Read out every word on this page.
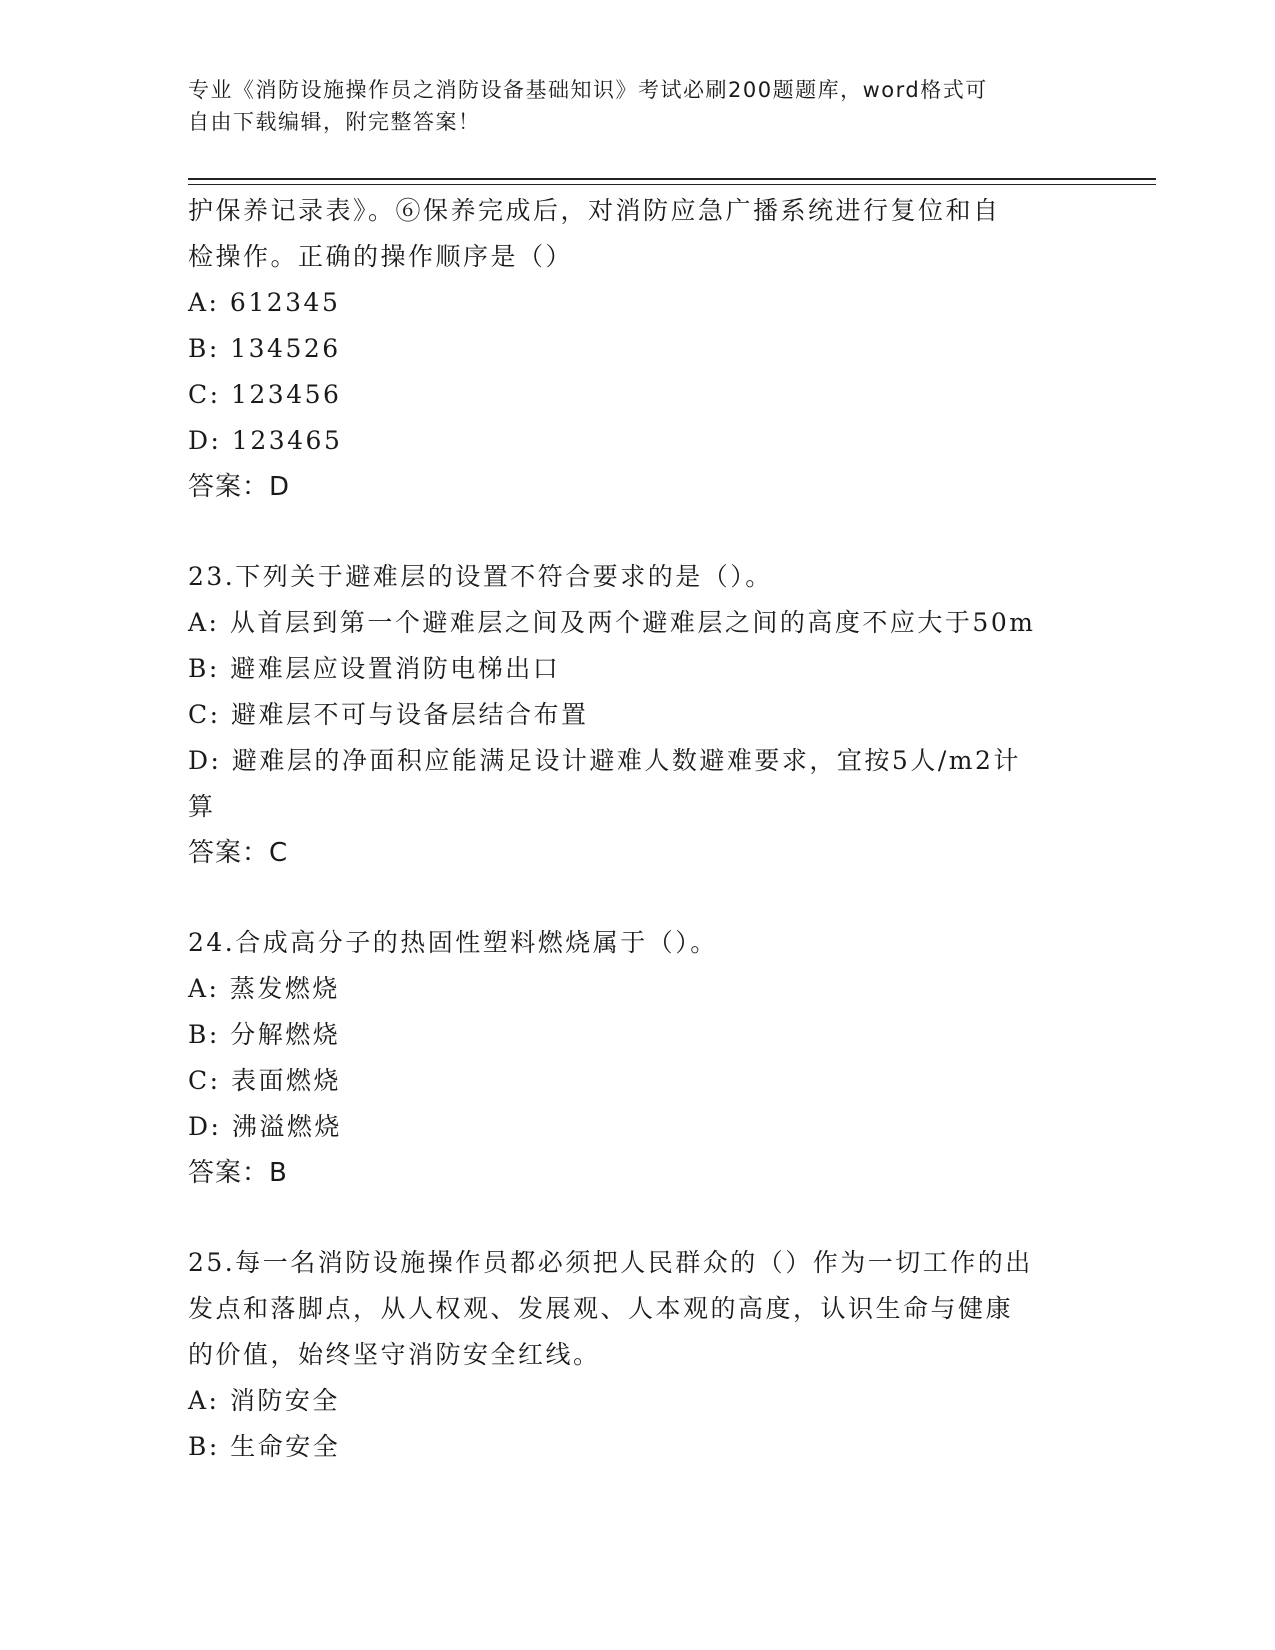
专业《消防设施操作员之消防设备基础知识》考试必刷200题题库，word格式可
自由下载编辑，附完整答案！
护保养记录表》。⑥保养完成后，对消防应急广播系统进行复位和自
检操作。正确的操作顺序是（）
A: 612345
B: 134526
C: 123456
D: 123465
答案：D
23.下列关于避难层的设置不符合要求的是（）。
A: 从首层到第一个避难层之间及两个避难层之间的高度不应大于50m
B: 避难层应设置消防电梯出口
C: 避难层不可与设备层结合布置
D: 避难层的净面积应能满足设计避难人数避难要求，宜按5人/m2计
算
答案：C
24.合成高分子的热固性塑料燃烧属于（）。
A: 蒸发燃烧
B: 分解燃烧
C: 表面燃烧
D: 沸溢燃烧
答案：B
25.每一名消防设施操作员都必须把人民群众的（）作为一切工作的出
发点和落脚点，从人权观、发展观、人本观的高度，认识生命与健康
的价值，始终坚守消防安全红线。
A: 消防安全
B: 生命安全
